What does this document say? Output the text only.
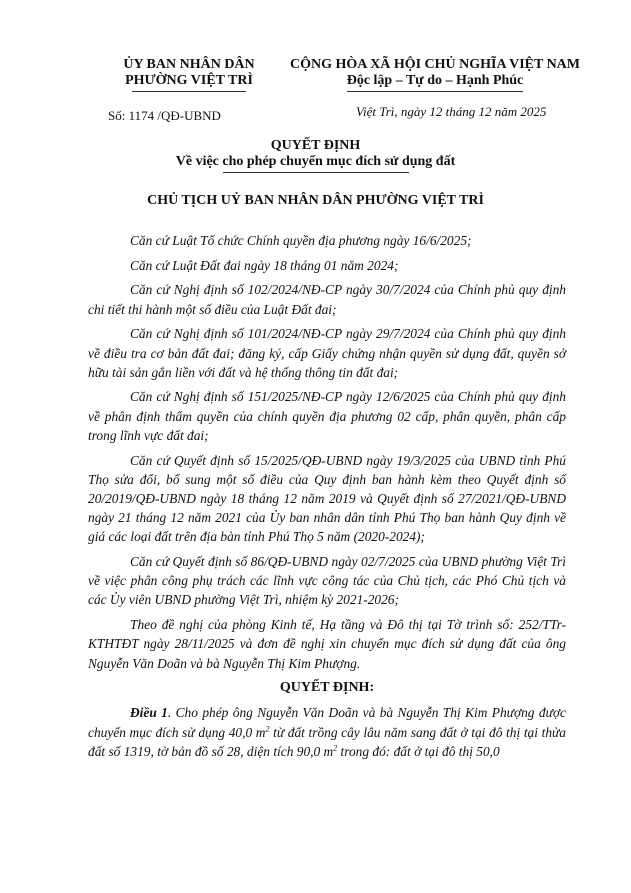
ỦY BAN NHÂN DÂN
PHƯỜNG VIỆT TRÌ
CỘNG HÒA XÃ HỘI CHỦ NGHĨA VIỆT NAM
Độc lập – Tự do – Hạnh Phúc
Số: 1174 /QĐ-UBND	Việt Trì, ngày 12 tháng 12 năm 2025
QUYẾT ĐỊNH
Về việc cho phép chuyển mục đích sử dụng đất
CHỦ TỊCH UỶ BAN NHÂN DÂN PHƯỜNG VIỆT TRÌ

Căn cứ Luật Tổ chức Chính quyền địa phương ngày 16/6/2025;

Căn cứ Luật Đất đai ngày 18 tháng 01 năm 2024;

Căn cứ Nghị định số 102/2024/NĐ-CP ngày 30/7/2024 của Chính phủ quy định chi tiết thi hành một số điều của Luật Đất đai;

Căn cứ Nghị định số 101/2024/NĐ-CP ngày 29/7/2024 của Chính phủ quy định về điều tra cơ bản đất đai; đăng ký, cấp Giấy chứng nhận quyền sử dụng đất, quyền sở hữu tài sản gắn liền với đất và hệ thống thông tin đất đai;

Căn cứ Nghị định số 151/2025/NĐ-CP ngày 12/6/2025 của Chính phủ quy định về phân định thẩm quyền của chính quyền địa phương 02 cấp, phân quyền, phân cấp trong lĩnh vực đất đai;

Căn cứ Quyết định số 15/2025/QĐ-UBND ngày 19/3/2025 của UBND tỉnh Phú Thọ sửa đổi, bổ sung một số điều của Quy định ban hành kèm theo Quyết định số 20/2019/QĐ-UBND ngày 18 tháng 12 năm 2019 và Quyết định số 27/2021/QĐ-UBND ngày 21 tháng 12 năm 2021 của Ủy ban nhân dân tỉnh Phú Thọ ban hành Quy định về giá các loại đất trên địa bàn tỉnh Phú Thọ 5 năm (2020-2024);

Căn cứ Quyết định số 86/QĐ-UBND ngày 02/7/2025 của UBND phường Việt Trì về việc phân công phụ trách các lĩnh vực công tác của Chủ tịch, các Phó Chủ tịch và các Ủy viên UBND phường Việt Trì, nhiệm kỳ 2021-2026;

Theo đề nghị của phòng Kinh tế, Hạ tầng và Đô thị tại Tờ trình số: 252/TTr-KTHTĐT ngày 28/11/2025 và đơn đề nghị xin chuyển mục đích sử dụng đất của ông Nguyễn Văn Doãn và bà Nguyễn Thị Kim Phượng.

QUYẾT ĐỊNH:

Điều 1. Cho phép ông Nguyễn Văn Doãn và bà Nguyễn Thị Kim Phượng được chuyển mục đích sử dụng 40,0 $m^2$ từ đất trồng cây lâu năm sang đất ở tại đô thị tại thửa đất số 1319, tờ bản đồ số 28, diện tích 90,0 $m^2$ trong đó: đất ở tại đô thị 50,0
